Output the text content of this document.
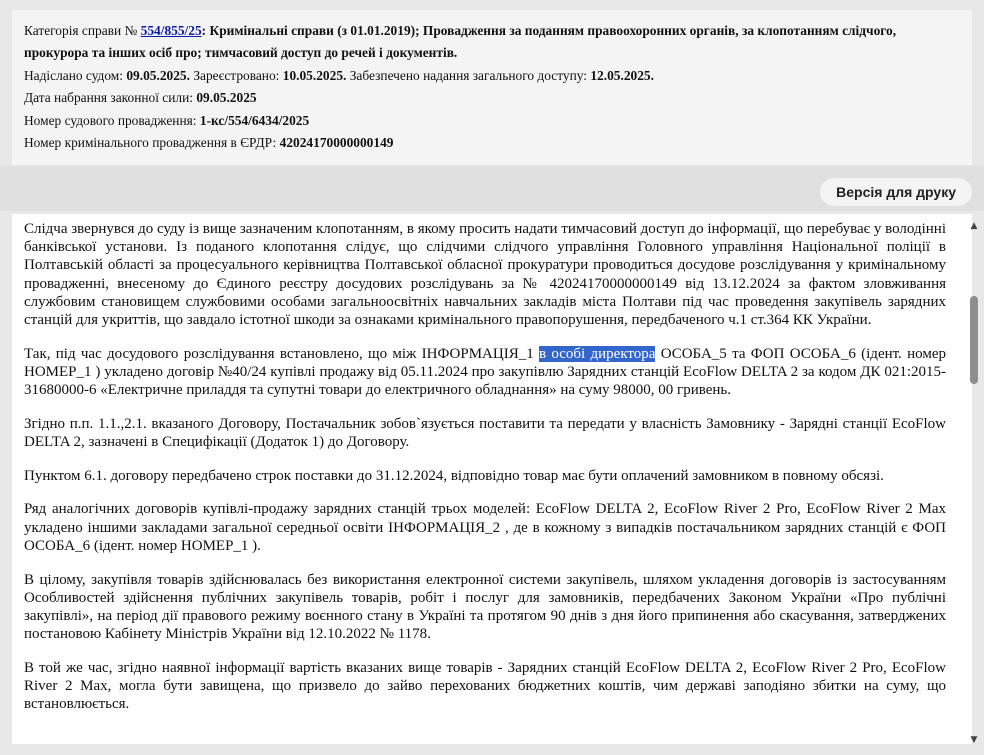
Категорія справи № 554/855/25: Кримінальні справи (з 01.01.2019); Провадження за поданням правоохоронних органів, за клопотанням слідчого, прокурора та інших осіб про; тимчасовий доступ до речей і документів.
Надіслано судом: 09.05.2025. Зареєстровано: 10.05.2025. Забезпечено надання загального доступу: 12.05.2025.
Дата набрання законної сили: 09.05.2025
Номер судового провадження: 1-кс/554/6434/2025
Номер кримінального провадження в ЄРДР: 42024170000000149
Версія для друку

Слідча звернувся до суду із вище зазначеним клопотанням, в якому просить надати тимчасовий доступ до інформації, що перебуває у володінні банківської установи. Із поданого клопотання слідує, що слідчими слідчого управління Головного управління Національної поліції в Полтавській області за процесуального керівництва Полтавської обласної прокуратури проводиться досудове розслідування у кримінальному провадженні, внесеному до Єдиного реєстру досудових розслідувань за № 42024170000000149 від 13.12.2024 за фактом зловживання службовим становищем службовими особами загальноосвітніх навчальних закладів міста Полтави під час проведення закупівель зарядних станцій для укриттів, що завдало істотної шкоди за ознаками кримінального правопорушення, передбаченого ч.1 ст.364 КК України.

Так, під час досудового розслідування встановлено, що між ІНФОРМАЦІЯ_1 в особі директора ОСОБА_5 та ФОП ОСОБА_6 (ідент. номер НОМЕР_1 ) укладено договір №40/24 купівлі продажу від 05.11.2024 про закупівлю Зарядних станцій EcoFlow DELTA 2 за кодом ДК 021:2015-31680000-6 «Електричне приладдя та супутні товари до електричного обладнання» на суму 98000, 00 гривень.

Згідно п.п. 1.1.,2.1. вказаного Договору, Постачальник зобов`язується поставити та передати у власність Замовнику - Зарядні станції EcoFlow DELTA 2, зазначені в Специфікації (Додаток 1) до Договору.

Пунктом 6.1. договору передбачено строк поставки до 31.12.2024, відповідно товар має бути оплачений замовником в повному обсязі.

Ряд аналогічних договорів купівлі-продажу зарядних станцій трьох моделей: EcoFlow DELTA 2, EcoFlow River 2 Pro, EcoFlow River 2 Max укладено іншими закладами загальної середньої освіти ІНФОРМАЦІЯ_2 , де в кожному з випадків постачальником зарядних станцій є ФОП ОСОБА_6 (ідент. номер НОМЕР_1 ).

В цілому, закупівля товарів здійснювалась без використання електронної системи закупівель, шляхом укладення договорів із застосуванням Особливостей здійснення публічних закупівель товарів, робіт і послуг для замовників, передбачених Законом України «Про публічні закупівлі», на період дії правового режиму воєнного стану в Україні та протягом 90 днів з дня його припинення або скасування, затверджених постановою Кабінету Міністрів України від 12.10.2022 № 1178.

В той же час, згідно наявної інформації вартість вказаних вище товарів - Зарядних станцій EcoFlow DELTA 2, EcoFlow River 2 Pro, EcoFlow River 2 Max, могла бути завищена, що призвело до зайво перехованих бюджетних коштів, чим державі заподіяно збитки на суму, що встановлюється.

▲
▼
